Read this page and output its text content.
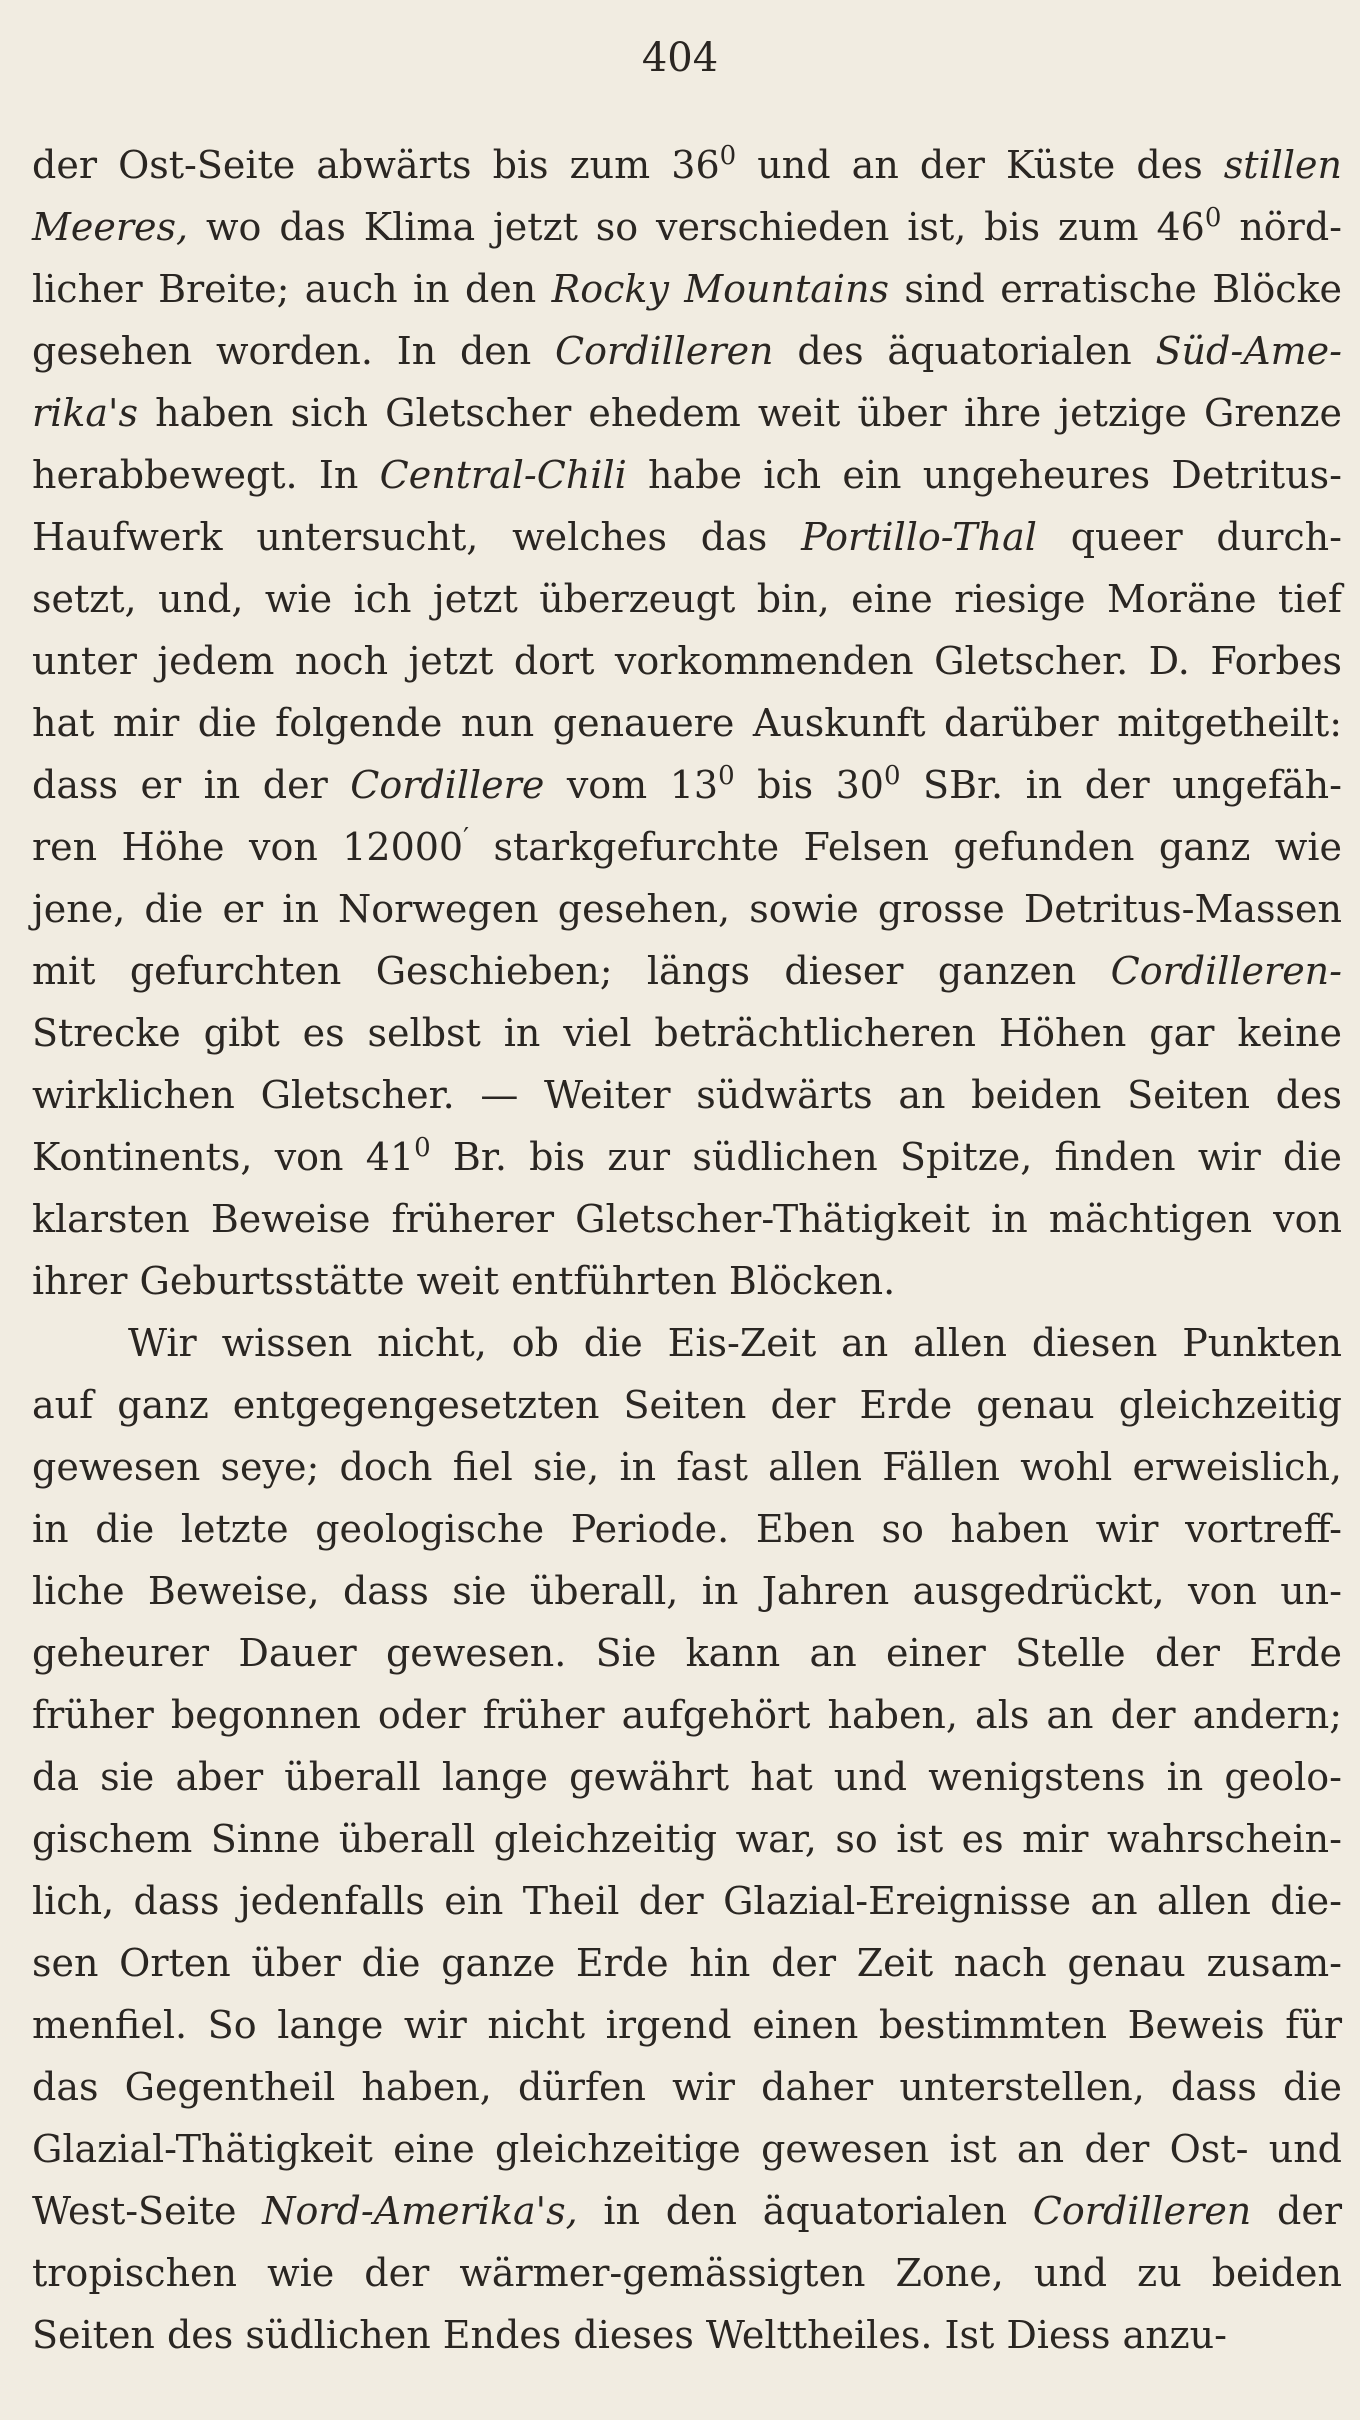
404
der Ost-Seite abwärts bis zum $36^0$ und an der Küste des stillen
Meeres, wo das Klima jetzt so verschieden ist, bis zum $46^0$ nörd-
licher Breite; auch in den Rocky Mountains sind erratische Blöcke
gesehen worden. In den Cordilleren des äquatorialen Süd-Ame-
rika's haben sich Gletscher ehedem weit über ihre jetzige Grenze
herabbewegt. In Central-Chili habe ich ein ungeheures Detritus-
Haufwerk untersucht, welches das Portillo-Thal queer durch-
setzt, und, wie ich jetzt überzeugt bin, eine riesige Moräne tief
unter jedem noch jetzt dort vorkommenden Gletscher. D. Forbes
hat mir die folgende nun genauere Auskunft darüber mitgetheilt:
dass er in der Cordillere vom $13^0$ bis $30^0$ SBr. in der ungefäh-
ren Höhe von 12000′ starkgefurchte Felsen gefunden ganz wie
jene, die er in Norwegen gesehen, sowie grosse Detritus-Massen
mit gefurchten Geschieben; längs dieser ganzen Cordilleren-
Strecke gibt es selbst in viel beträchtlicheren Höhen gar keine
wirklichen Gletscher. — Weiter südwärts an beiden Seiten des
Kontinents, von $41^0$ Br. bis zur südlichen Spitze, finden wir die
klarsten Beweise früherer Gletscher-Thätigkeit in mächtigen von
ihrer Geburtsstätte weit entführten Blöcken.
Wir wissen nicht, ob die Eis-Zeit an allen diesen Punkten
auf ganz entgegengesetzten Seiten der Erde genau gleichzeitig
gewesen seye; doch fiel sie, in fast allen Fällen wohl erweislich,
in die letzte geologische Periode. Eben so haben wir vortreff-
liche Beweise, dass sie überall, in Jahren ausgedrückt, von un-
geheurer Dauer gewesen. Sie kann an einer Stelle der Erde
früher begonnen oder früher aufgehört haben, als an der andern;
da sie aber überall lange gewährt hat und wenigstens in geolo-
gischem Sinne überall gleichzeitig war, so ist es mir wahrschein-
lich, dass jedenfalls ein Theil der Glazial-Ereignisse an allen die-
sen Orten über die ganze Erde hin der Zeit nach genau zusam-
menfiel. So lange wir nicht irgend einen bestimmten Beweis für
das Gegentheil haben, dürfen wir daher unterstellen, dass die
Glazial-Thätigkeit eine gleichzeitige gewesen ist an der Ost- und
West-Seite Nord-Amerika's, in den äquatorialen Cordilleren der
tropischen wie der wärmer-gemässigten Zone, und zu beiden
Seiten des südlichen Endes dieses Welttheiles. Ist Diess anzu-
